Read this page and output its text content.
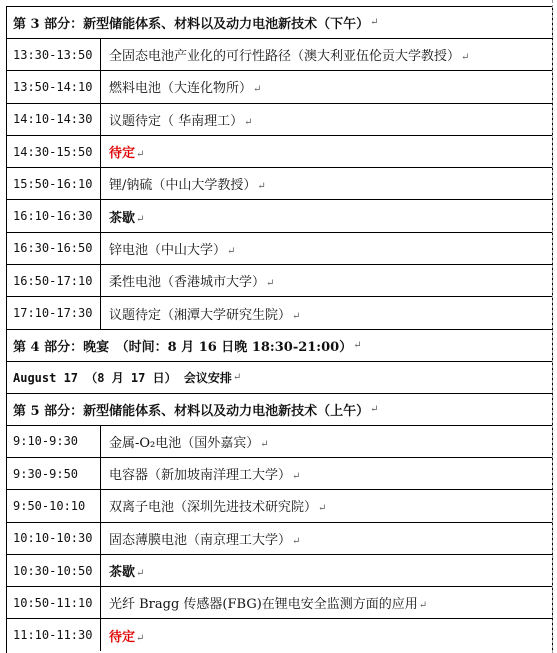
第 3 部分：新型储能体系、材料以及动力电池新技术（下午） ↵
13:30-13:50	全固态电池产业化的可行性路径（澳大利亚伍伦贡大学教授）↵
13:50-14:10	燃料电池（大连化物所）↵
14:10-14:30	议题待定（ 华南理工）↵
14:30-15:50	待定↵
15:50-16:10	锂/钠硫（中山大学教授）↵
16:10-16:30	茶歇↵
16:30-16:50	锌电池（中山大学）↵
16:50-17:10	柔性电池（香港城市大学）↵
17:10-17:30	议题待定（湘潭大学研究生院）↵
第 4 部分：晚宴　（时间：8 月 16 日晚 18:30-21:00） ↵
August 17 （8 月 17 日） 会议安排 ↵
第 5 部分：新型储能体系、材料以及动力电池新技术（上午） ↵
9:10-9:30	金属-O₂电池（国外嘉宾）↵
9:30-9:50	电容器（新加坡南洋理工大学）↵
9:50-10:10	双离子电池（深圳先进技术研究院）↵
10:10-10:30	固态薄膜电池（南京理工大学）↵
10:30-10:50	茶歇↵
10:50-11:10	光纤 Bragg 传感器(FBG)在锂电安全监测方面的应用↵
11:10-11:30	待定↵
